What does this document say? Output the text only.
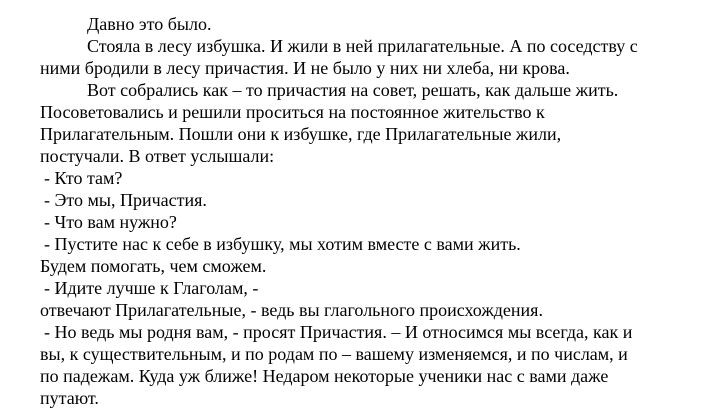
Давно это было.
Стояла в лесу избушка. И жили в ней прилагательные. А по соседству с
ними бродили в лесу причастия. И не было у них ни хлеба, ни крова.
Вот собрались как – то причастия на совет, решать, как дальше жить.
Посоветовались и решили проситься на постоянное жительство к
Прилагательным. Пошли они к избушке, где Прилагательные жили,
постучали. В ответ услышали:
- Кто там?
- Это мы, Причастия.
- Что вам нужно?
- Пустите нас к себе в избушку, мы хотим вместе с вами жить.
Будем помогать, чем сможем.
- Идите лучше к Глаголам, -
отвечают Прилагательные, - ведь вы глагольного происхождения.
- Но ведь мы родня вам, - просят Причастия. – И относимся мы всегда, как и
вы, к существительным, и по родам по – вашему изменяемся, и по числам, и
по падежам. Куда уж ближе! Недаром некоторые ученики нас с вами даже
путают.
